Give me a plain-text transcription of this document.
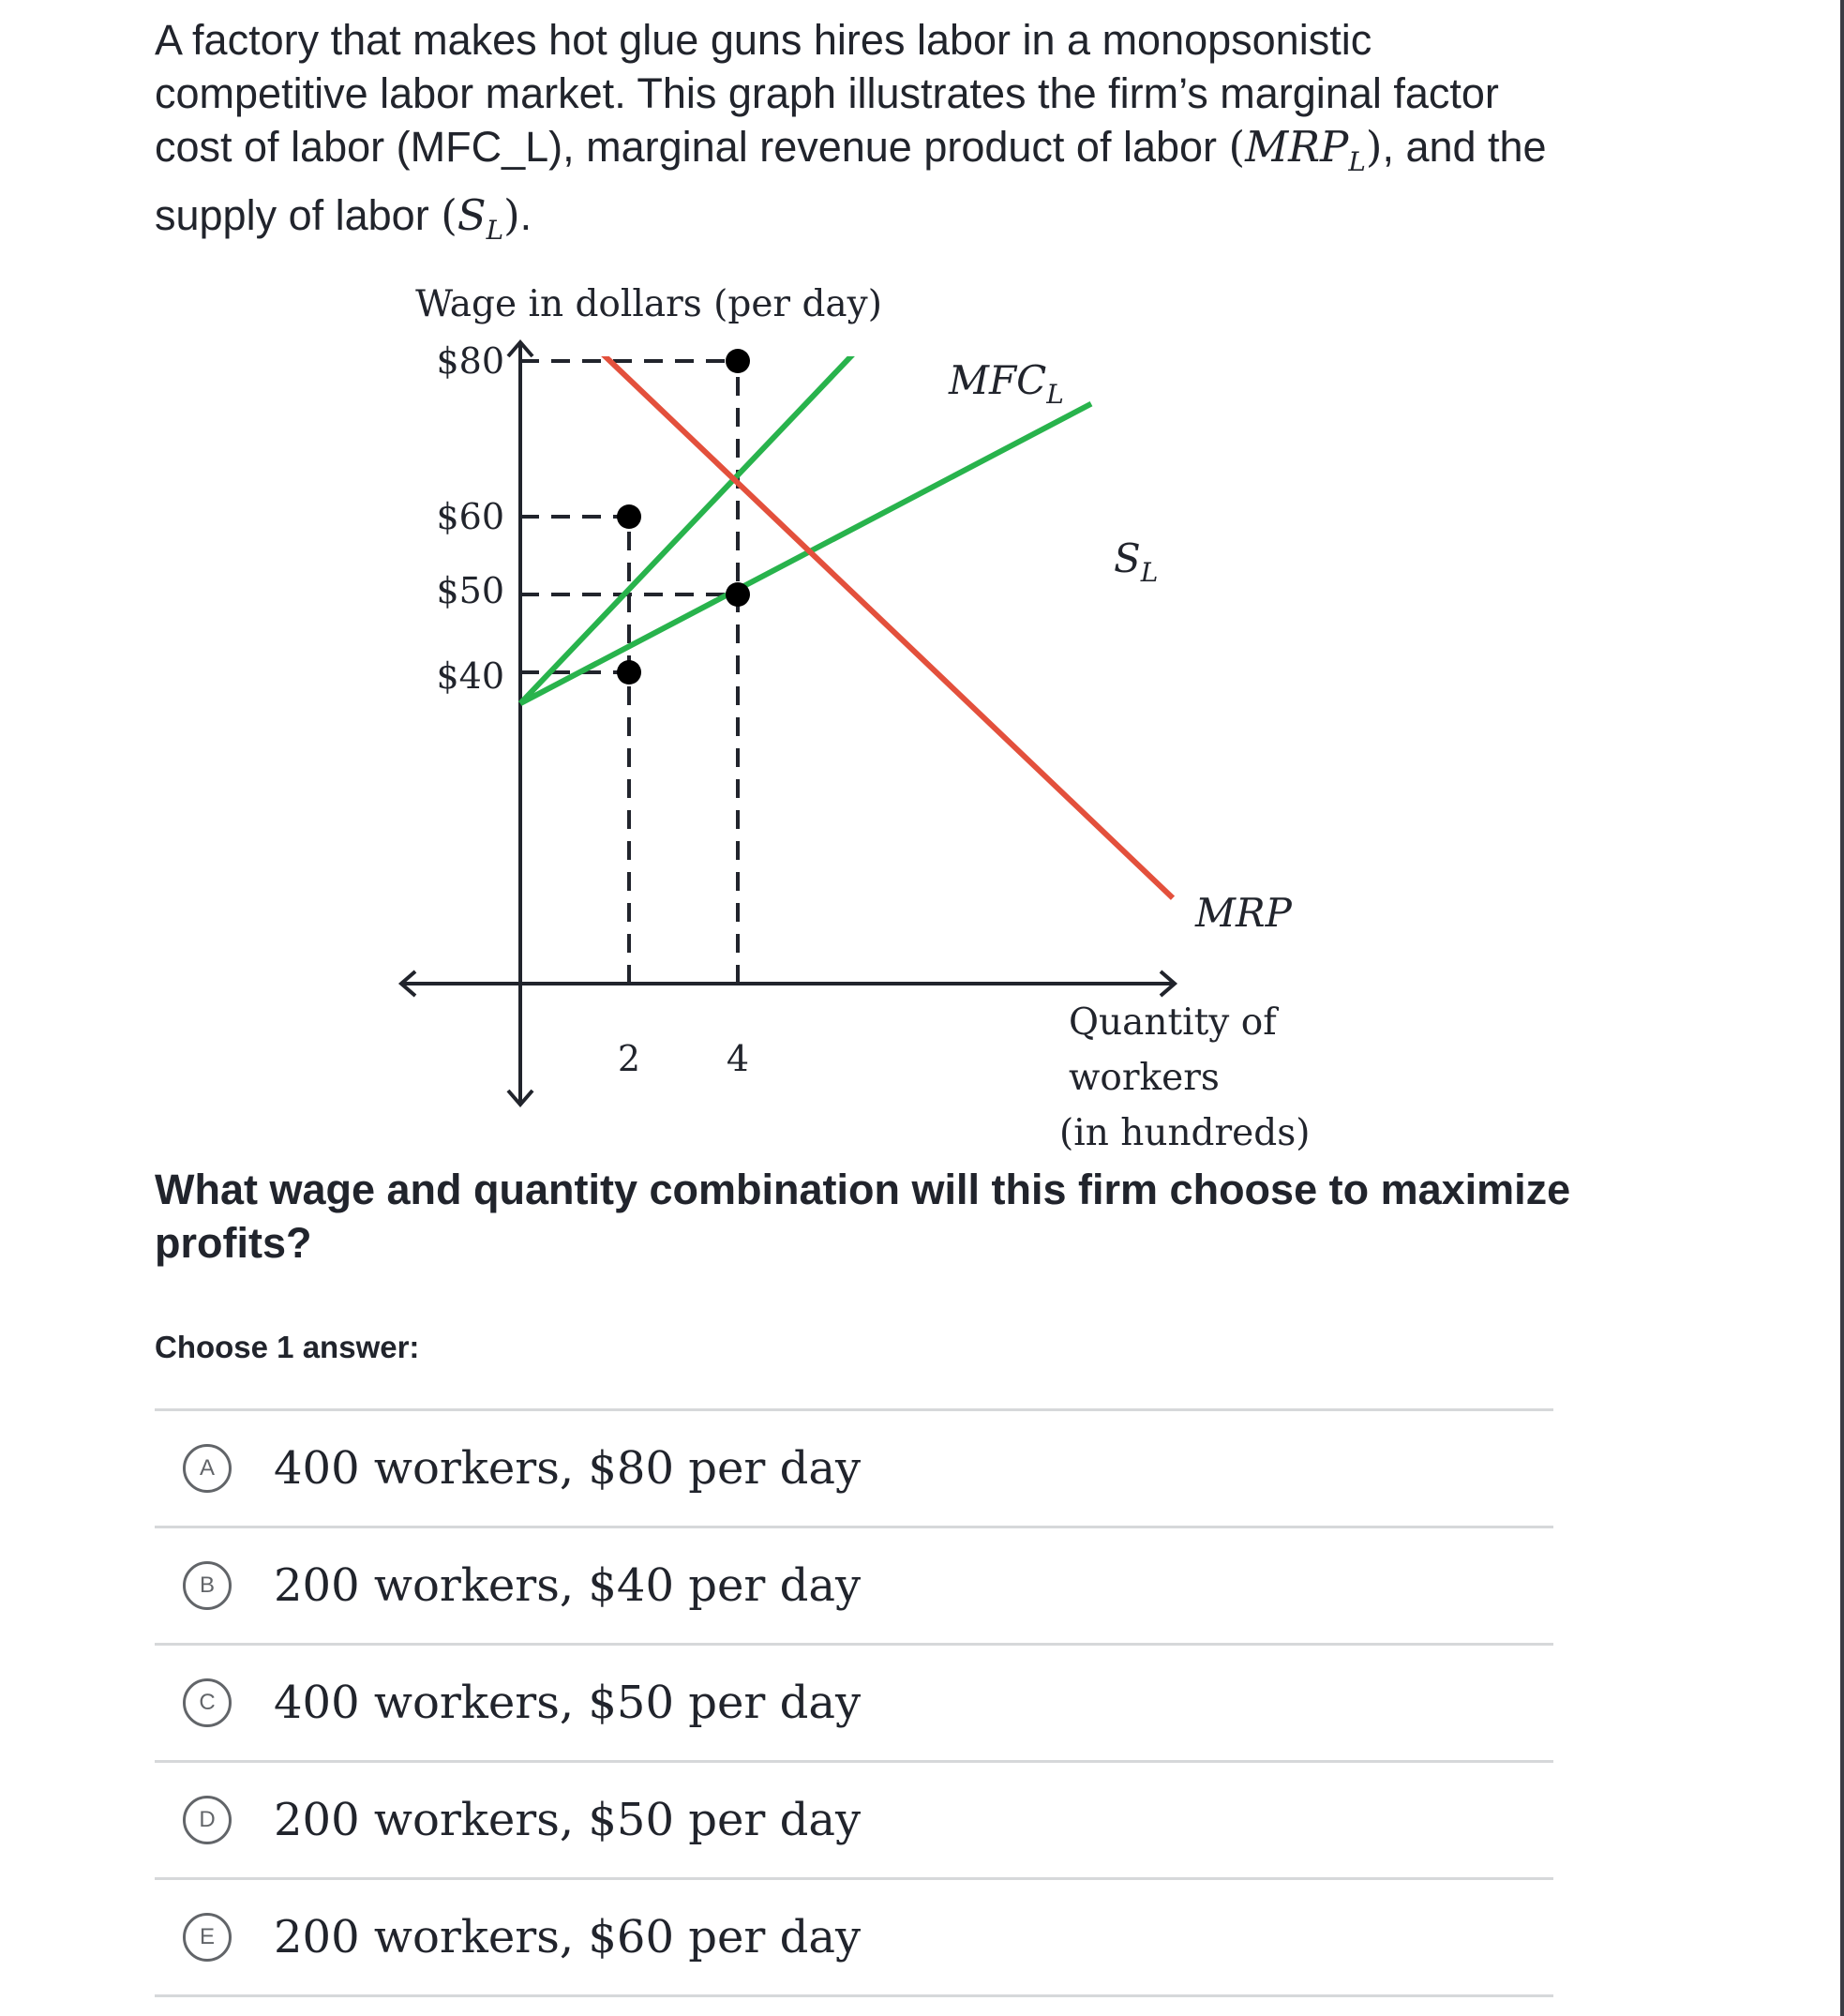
A factory that makes hot glue guns hires labor in a monopsonistic competitive labor market. This graph illustrates the firm’s marginal factor cost of labor (MFC_L), marginal revenue product of labor $(MRP_L)$, and the supply of labor $(S_L)$.
Wage in dollars (per day)
$80
$60
$50
$40
2 4
$MFC_L$
$S_L$
MRP
Quantity of
workers
(in hundreds)
What wage and quantity combination will this firm choose to maximize profits?
Choose 1 answer:
A	400 workers, $80 per day
B	200 workers, $40 per day
C	400 workers, $50 per day
D	200 workers, $50 per day
E	200 workers, $60 per day
